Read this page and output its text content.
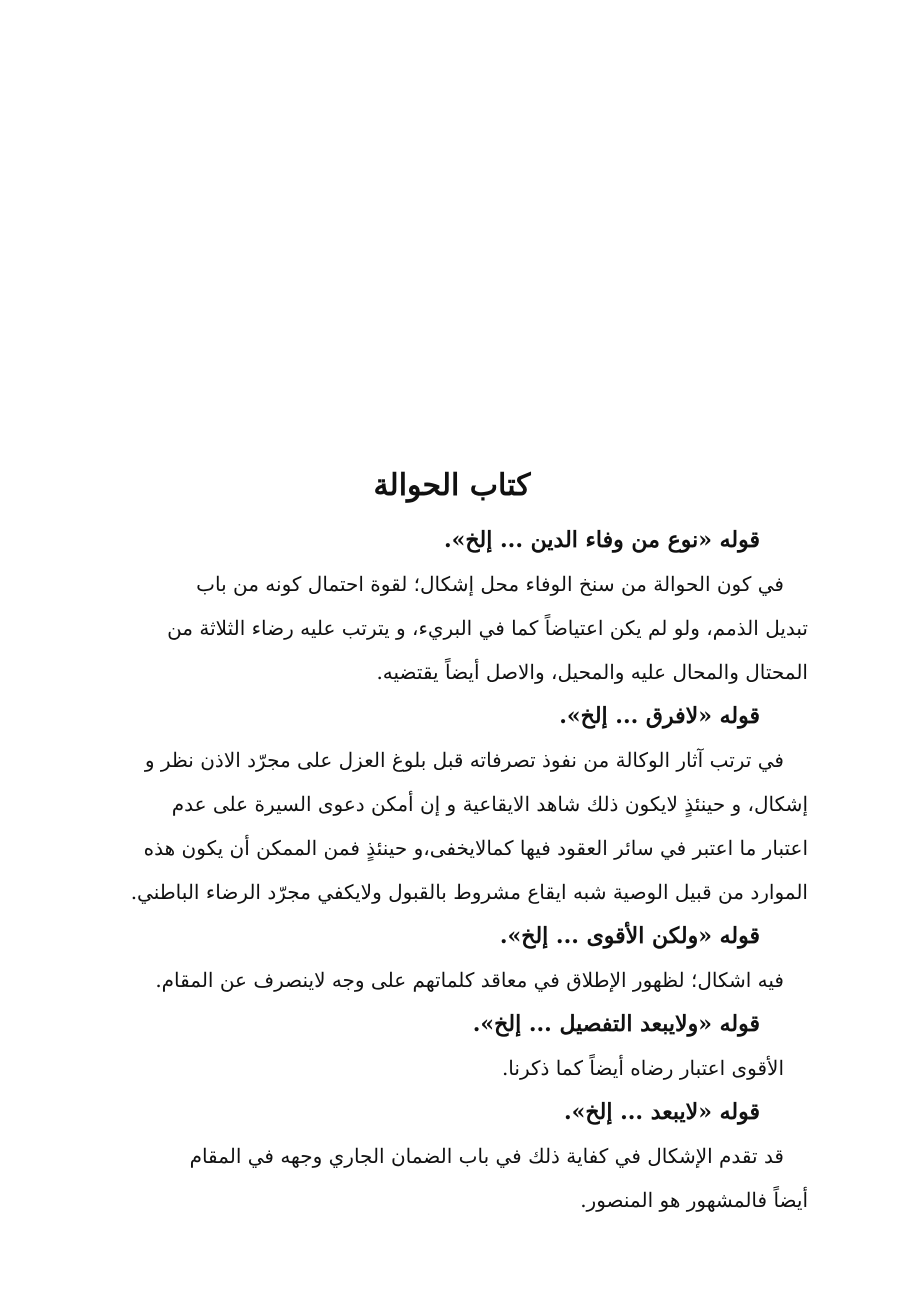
كتاب الحوالة
قوله «نوع من وفاء الدين ... إلخ».
في كون الحوالة من سنخ الوفاء محل إشكال؛ لقوة احتمال كونه من باب
تبديل الذمم، ولو لم يكن اعتياضاً كما في البريء، و يترتب عليه رضاء الثلاثة من
المحتال والمحال عليه والمحيل، والاصل أيضاً يقتضيه.
قوله «لافرق ... إلخ».
في ترتب آثار الوكالة من نفوذ تصرفاته قبل بلوغ العزل على مجرّد الاذن نظر و
إشكال، و حينئذٍ لايكون ذلك شاهد الايقاعية و إن أمكن دعوى السيرة على عدم
اعتبار ما اعتبر في سائر العقود فيها كمالايخفى،و حينئذٍ فمن الممكن أن يكون هذه
الموارد من قبيل الوصية شبه ايقاع مشروط بالقبول ولايكفي مجرّد الرضاء الباطني.
قوله «ولكن الأقوى ... إلخ».
فيه اشكال؛ لظهور الإطلاق في معاقد كلماتهم على وجه لاينصرف عن المقام.
قوله «ولايبعد التفصيل ... إلخ».
الأقوى اعتبار رضاه أيضاً كما ذكرنا.
قوله «لايبعد ... إلخ».
قد تقدم الإشكال في كفاية ذلك في باب الضمان الجاري وجهه في المقام
أيضاً فالمشهور هو المنصور.
